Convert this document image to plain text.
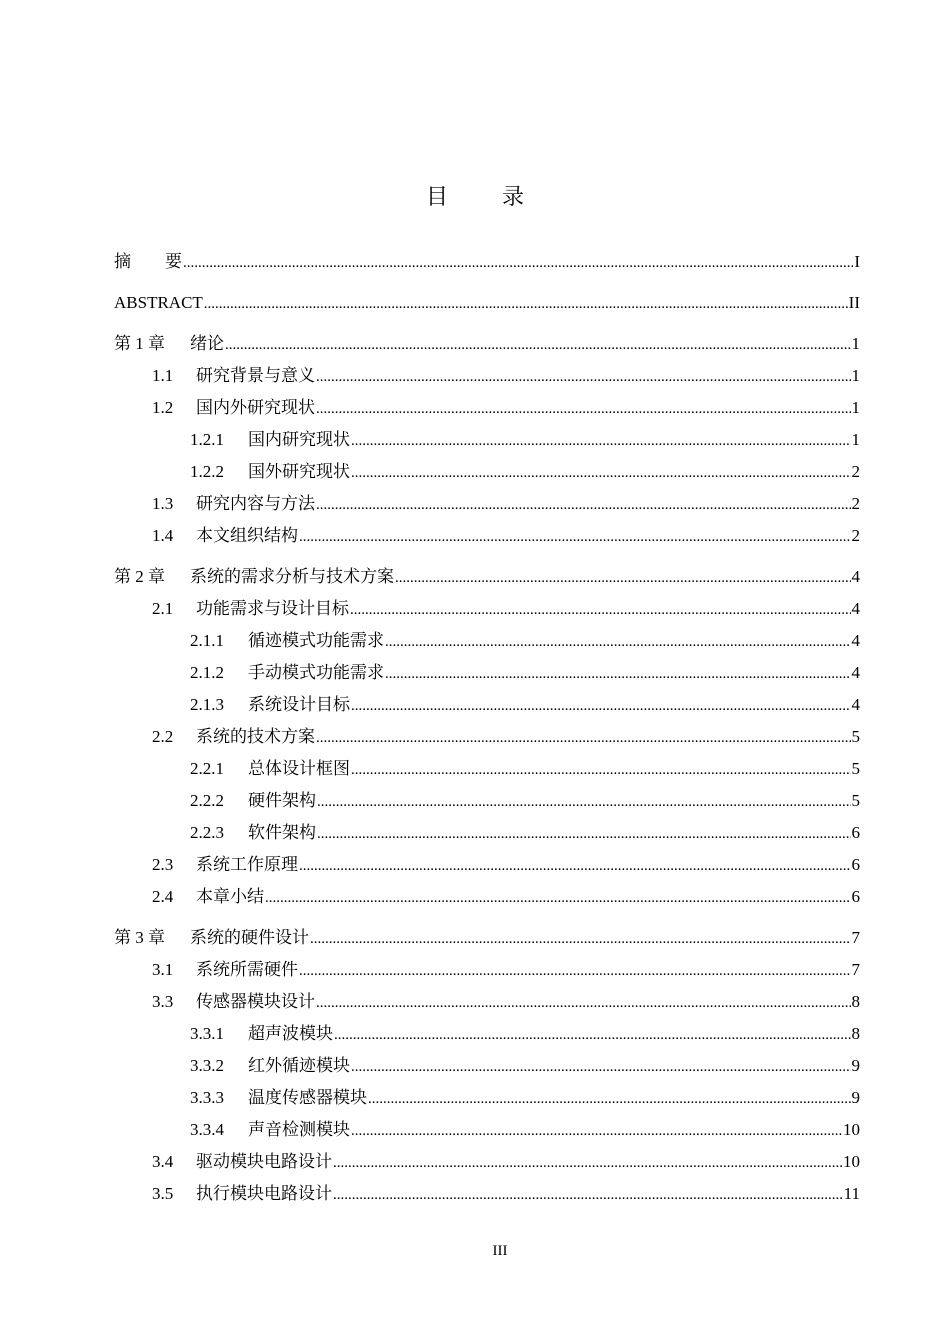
目 录
摘　　要 .....	I
ABSTRACT .....	II
第 1 章	绪论 .....	1
1.1	研究背景与意义 .....	1
1.2	国内外研究现状 .....	1
1.2.1	国内研究现状 .....	1
1.2.2	国外研究现状 .....	2
1.3	研究内容与方法 .....	2
1.4	本文组织结构 .....	2
第 2 章	系统的需求分析与技术方案 .....	4
2.1	功能需求与设计目标 .....	4
2.1.1	循迹模式功能需求 .....	4
2.1.2	手动模式功能需求 .....	4
2.1.3	系统设计目标 .....	4
2.2	系统的技术方案 .....	5
2.2.1	总体设计框图 .....	5
2.2.2	硬件架构 .....	5
2.2.3	软件架构 .....	6
2.3	系统工作原理 .....	6
2.4	本章小结 .....	6
第 3 章	系统的硬件设计 .....	7
3.1	系统所需硬件 .....	7
3.3	传感器模块设计 .....	8
3.3.1	超声波模块 .....	8
3.3.2	红外循迹模块 .....	9
3.3.3	温度传感器模块 .....	9
3.3.4	声音检测模块 .....	10
3.4	驱动模块电路设计 .....	10
3.5	执行模块电路设计 .....	11
III
